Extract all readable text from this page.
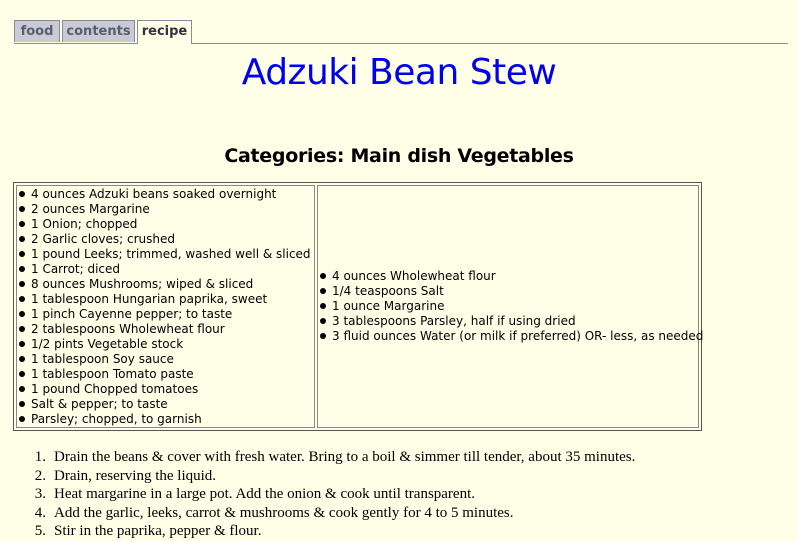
food	contents recipe
Adzuki Bean Stew
Categories: Main dish Vegetables
4 ounces Adzuki beans soaked overnight
2 ounces Margarine
1 Onion; chopped
2 Garlic cloves; crushed
1 pound Leeks; trimmed, washed well & sliced
1 Carrot; diced
8 ounces Mushrooms; wiped & sliced
1 tablespoon Hungarian paprika, sweet
1 pinch Cayenne pepper; to taste
2 tablespoons Wholewheat flour
1/2 pints Vegetable stock
1 tablespoon Soy sauce
1 tablespoon Tomato paste
1 pound Chopped tomatoes
Salt & pepper; to taste
Parsley; chopped, to garnish
4 ounces Wholewheat flour
1/4 teaspoons Salt
1 ounce Margarine
3 tablespoons Parsley, half if using dried
3 fluid ounces Water (or milk if preferred) OR- less, as needed
1. Drain the beans & cover with fresh water. Bring to a boil & simmer till tender, about 35 minutes.
2. Drain, reserving the liquid.
3. Heat margarine in a large pot. Add the onion & cook until transparent.
4. Add the garlic, leeks, carrot & mushrooms & cook gently for 4 to 5 minutes.
5. Stir in the paprika, pepper & flour.
